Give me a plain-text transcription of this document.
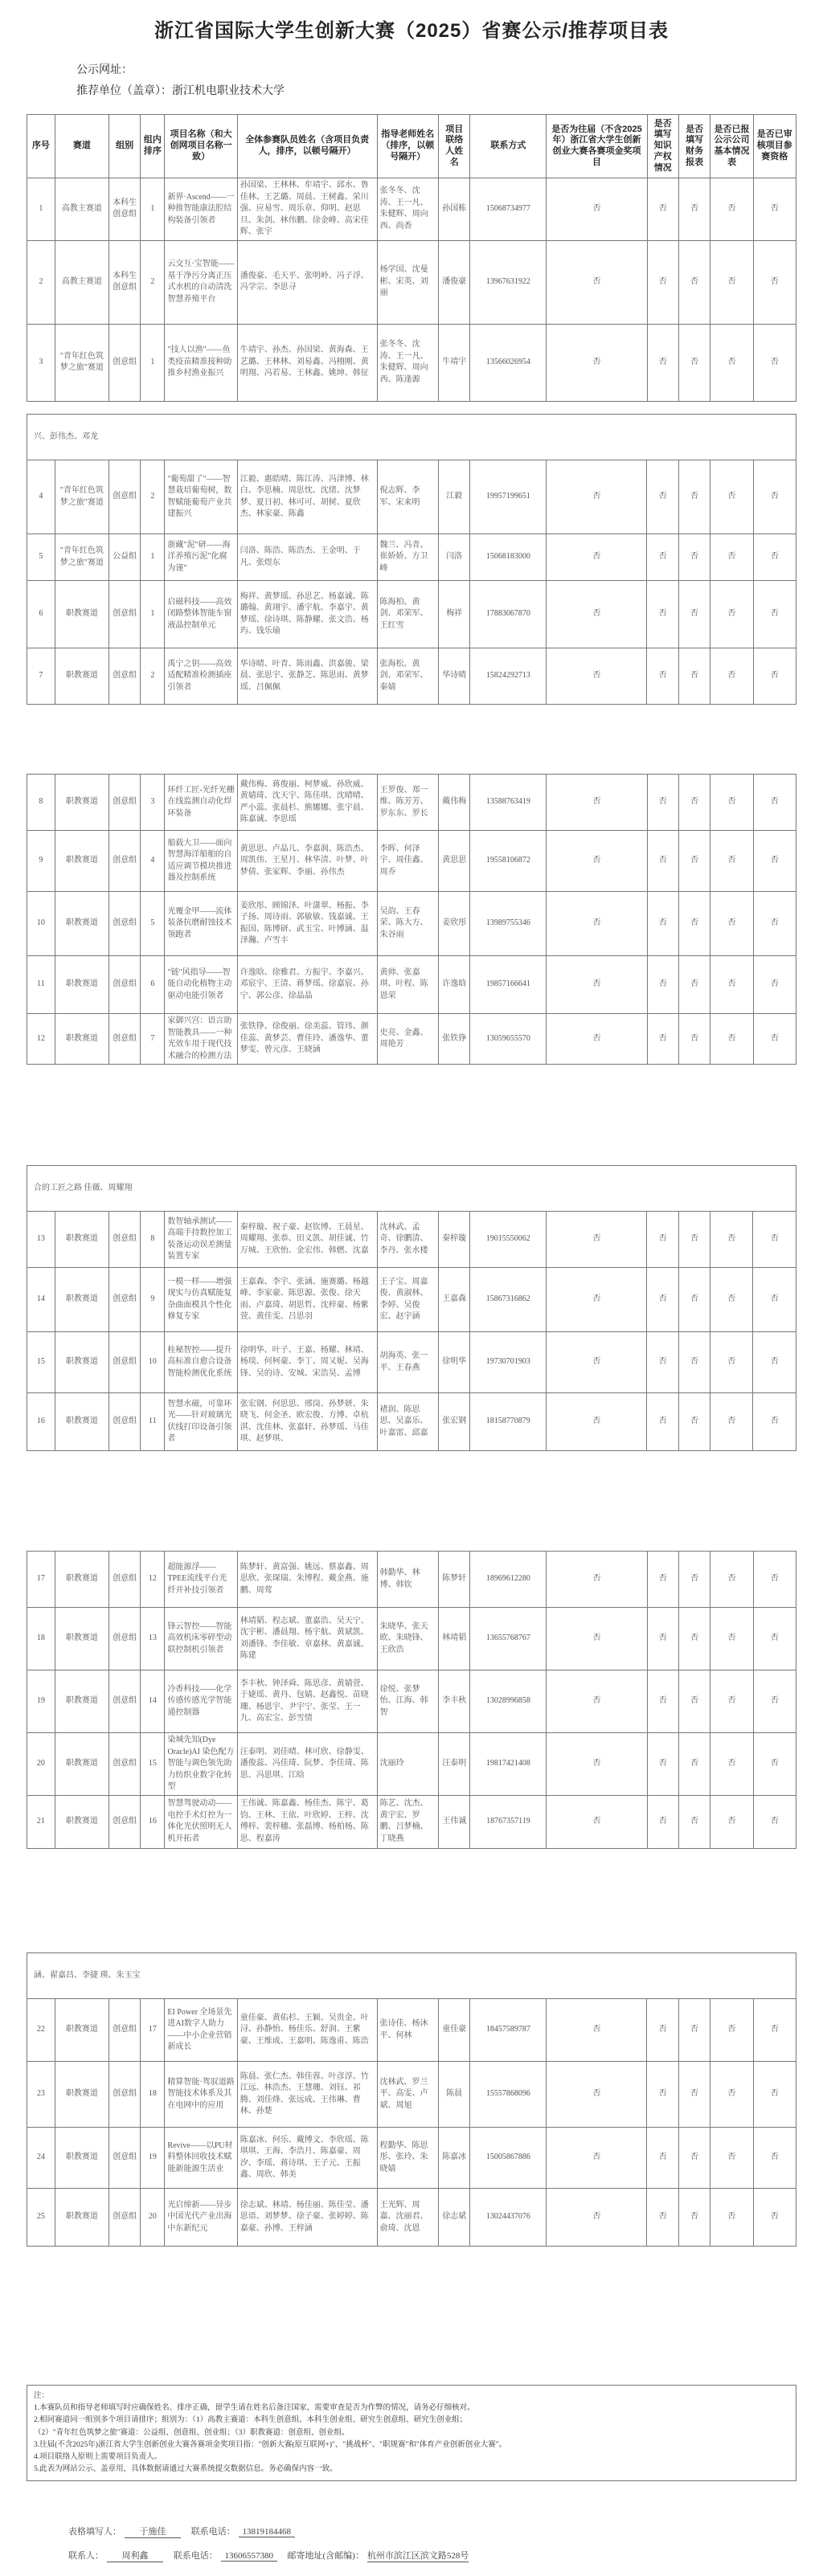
浙江省国际大学生创新大赛（2025）省赛公示/推荐项目表
公示网址：
推荐单位（盖章）：浙江机电职业技术大学
序号	赛道	组别	组内排序	项目名称（和大创网项目名称一致）	全体参赛队员姓名（含项目负责人，排序，以顿号隔开）	指导老师姓名（排序，以顿号隔开）	项目联络人姓名	联系方式	是否为往届（不含2025年）浙江省大学生创新创业大赛各赛项金奖项目	是否填写知识产权情况	是否填写财务报表	是否已报公示公司基本情况表	是否已审核项目参赛资格
1	高教主赛道	本科生创意组	1	新界·Ascend——一种推智能康法腔结构装备引领者	孙国梁、王林林、牟靖宇、邱水、鲁佳林、王艺璐、周晨、王树鑫、荣川强、应易雪、周乐章、仰明、赵思旦、朱剑、林伟鹏、徐金峰、高宋佳辉、张宇	张冬冬、沈涛、王一凡、朱健辉、周向西、尚香	孙国栋	15068734977	否	否	否	否	否
2	高教主赛道	本科生创意组	2	云交互·宝智能——基于净污分离正压式水机的自动清洗智慧养殖平台	潘俊豪、毛天平、张明岭、冯子浮、冯学宗、李思寻	杨学国、沈曼彬、宋英、刘丽	潘俊豪	13967631922	否	否	否	否	否
3	"青年红色筑梦之旅"赛道	创意组	1	"技人以渔"——鱼类疫苗精准接种助推乡村渔业振兴	牛靖宇、孙杰、孙国梁、黄海森、王艺璐、王林林、刘易鑫、冯栩刚、黄明翔、冯若易、王林鑫、姚坤、韩征	张冬冬、沈涛、王一凡、朱健辉、周向西、陈逢源	牛靖宇	13566026954	否	否	否	否	否
兴、彭伟杰、邓龙													
4	"青年红色筑梦之旅"赛道	创意组	2	"葡萄甜了"——智慧栽培葡萄树，数智赋能葡萄产业共建振兴	江毅、惠皓晴、陈江涛、冯津博、林白、李思楠、周思忱、沈绪、沈梦梦、夏日初、林可可、胡树、夏欣杰、林家豪、陈鑫	倪志辉、李军、宋来明	江毅	19957199651	否	否	否	否	否
5	"青年红色筑梦之旅"赛道	公益组	1	浙藏"泥"研——海洋养殖污泥"化腐为谨"	闫洛、陈浩、陈浩杰、王金明、于凡、张煜东	魏兰、冯青、崔娇娇、方卫峰	闫洛	15068183000	否	否	否	否	否
6	职教赛道	创意组	1	启磁科技——高效闭路整体智能车窗液晶控制单元	梅祥、黄梦瑶、孙思艺、杨嘉诚、陈璐翰、黄翊宇、潘宇航、李嘉宇、黄梦瑶、徐诗琪、陈静耀、张文浩、杨玙、钱乐瑜	陈海柏、黄剑、邓荣军、王红雪	梅祥	17883067870	否	否	否	否	否
7	职教赛道	创意组	2	禹宁之钥——高效适配精准检测插座引领者	华诗晴、叶青、陈雨鑫、洪嘉骏、梁晨、张思宇、张静芝、陈思雨、黄梦瑶、吕佩佩	张海松、黄剑、邓荣军、秦婧	华诗晴	15824292713	否	否	否	否	否
8	职教赛道	创意组	3	环纤工匠-光纤光栅在线监测自动化焊环装备	戴伟梅、蒋俊丽、柯梦威、孙欣威、黄婧琦、沈天宇、陈佳琪、沈晴晴、严小蕊、张晨杉、熊娜娜、张宇晨、陈嘉诚、李思瑶	王罗俊、郑一维、陈芳芳、罗东东、罗长	戴伟梅	13588763419	否	否	否	否	否
9	职教赛道	创意组	4	船载大卫——面向智慧海洋船舶的自适应调节模块推进器及控制系统	黄思思、卢晶儿、李嘉润、陈浩杰、周凯伟、王星月、林华清、叶梦、叶梦倩、张家辉、李丽、孙伟杰	李晖、何泽宇、周佳鑫、周乔	黄思思	19558106872	否	否	否	否	否
10	职教赛道	创意组	5	光覆金甲——流体装备抗磨耐蚀技术领跑者	姜欣彤、顾锦泽、叶潇翠、杨振、李子扬、周诗雨、郭敏敏、钱嘉诚、王振国、陈博研、武玉宝、叶博涵、温泽瀚、卢雪丰	吴韵、王春荣、陈大方、朱谷雨	姜欣彤	13989755346	否	否	否	否	否
11	职教赛道	创意组	6	"链"风指导——智能自动化植物主动驱动电能引领者	许逸晗、徐雅君、方振宇、李嘉兴、邓宸宇、王清、蒋梦瑶、徐嘉宸、孙宁、郭公彦、徐晶晶	黄帅、张嘉琪、叶程、陈恩荣	许逸晗	19857166641	否	否	否	否	否
12	职教赛道	创意组	7	家御兴宫：语言助智能教具——一种光效车用于现代技术融合的检测方法	张铁铮、徐俊丽、徐美蕊、管玮、颜佳蕊、黄梦芸、曹佳玲、潘逸华、董梦雯、曾元彦、王晓涵	史亮、金鑫、周艳芳	张铁铮	13059655570	否	否	否	否	否
合的工匠之路 佳薇、周耀翔													
13	职教赛道	创意组	8	数智轴承测试——高端手持数控加工装备运动误差测量装置专家	秦梓璇、祝子豪、赵钦博、王晨星、周耀翔、张恭、田义凯、胡佳诚、竹万城、王欣怡、金宏伟、韩燃、沈嘉	沈林武、孟奇、徐鹏清、李丹、张水楼	秦梓璇	19015550062	否	否	否	否	否
14	职教赛道	创意组	9	一模一样——增强现实与仿真赋能复杂曲面模具个性化修复专家	王嘉森、李宇、张涵、施赛璐、杨越峰、李家豪、陈思源、张俊、徐天雨、卢嘉琦、胡思哲、沈梓豪、杨紫萱、黄佳雯、吕思羽	王子宝、周嘉俊、黄淑林、李婷、吴俊宏、赵宇涵	王嘉森	15867316862	否	否	否	否	否
15	职教赛道	创意组	10	桂秘智控——提升高标准自愈合设备智能检测优化系统	徐明华、叶子、王嘉、杨耀、林靖、杨琰、何柯豪、李丁、周又妮、吴海锋、吴的诗、安城、宋浩昊、孟博	胡海英、张一平、王春燕	徐明华	19730701903	否	否	否	否	否
16	职教赛道	创意组	11	智慧水磁，可靠环光——针对玻璃光伏线打印设备引领者	张宏钢、何思思、邢岗、孙梦妍、朱晓飞、何金圣、欧宏俊、方博、卓杭淇、沈佳林、张嘉轩、孙梦瑶、马佳琪、赵梦琪、	褚润、陈思思、吴嘉乐、叶嘉雷、邱嘉	张宏钢	18158770879	否	否	否	否	否
17	职教赛道	创意组	12	超能源浮——TPEE流线平台光纤并补技引领者	陈梦轩、黄富强、姚远、蔡嘉鑫、周思欣、张琛瑞、朱博程、戴金燕、施鹏、周莺	韩勤华、林博、韩钦	陈梦轩	18969612280	否	否	否	否	否
18	职教赛道	创意组	13	锋云智控——智能高效机床零碎型动联控制机引领者	林靖韬、程志斌、董嘉浩、吴天宁、沈宇彬、潘晨翔、杨宇航、黄斌凯、刘潘锋、李佳敏、章嘉林、黄嘉诚、陈建	朱晓华、张天欧、朱晓锋、王欣浩	林靖韬	13655768767	否	否	否	否	否
19	职教赛道	创意组	14	冷香科技——化学传感传感光学智能通控制器	李丰秋、钟泽舜、陈思彦、黄婧萱、于婕瑶、黄丹、包婧、赵鑫悦、苗晓珊、杨恩宇、尹宇宁、张莹、王一九、高宏宝、彭雪情	徐悦、张梦怡、江海、韩智	李丰秋	13028996858	否	否	否	否	否
20	职教赛道	创意组	15	染城先知(Dye Oracle)AI 染色配方智能与调色领先助力纺织业数字化转型	汪泰明、刘佳晴、林可欣、徐静雯、潘俊蕊、冯佳琦、阮梦、李佳琦、陈思、冯思琪、江晗	沈丽玲	汪泰明	19817421408	否	否	否	否	否
21	职教赛道	创意组	16	智慧驾驶动动——电控手术灯控为一体化光伏照明无人机开拓者	王伟诚、陈嘉鑫、杨佳杰、陈宇、葛钧、王林、王依、叶欣婷、王梓、沈傅梓、裴梓穗、张磊博、杨柏杨、陈思、程嘉涛	陈艺、沈杰、黄宇宏、罗鹏、吕梦楠、丁晓燕	王伟诚	18767357119	否	否	否	否	否
涵、翟嘉昌、李捷 瑛、朱玉宝													
22	职教赛道	创意组	17	EI Power 全场景先进AI数字人助力——中小企业营销新成长	童佳豪、黄佑杉、王颖、吴贵金、叶浔、孙静怡、杨佳乐、舒润、王紫豪、王维成、王嘉明、陈逸甫、陈浩	张诗佳、杨沐平、何林	童佳豪	18457589787	否	否	否	否	否
23	职教赛道	创意组	18	精算智能·驾驭道路智能技术体系及其在电网中的应用	陈晨、张仁杰、韩佳蓉、叶彦淳、竹江远、林浩杰、王慧珊、刘钰、祁腾、刘佳烽、张远成、王伟琳、曹林、孙楚	沈林武、罗兰平、高雯、卢斌、周旭	陈晨	15557868096	否	否	否	否	否
24	职教赛道	创意组	19	Revive——以PU材料整体回收技术赋能新能源生活业	陈嘉冰、何乐、戴博文、李欣瑶、陈琪琪、王海、李浩月、陈嘉豪、周汐、李瑶、蒋诗琪、王子元、王振鑫、周欣、韩美	程勤华、陈思彤、张玲、朱晓婧	陈嘉冰	15005867886	否	否	否	否	否
25	职教赛道	创意组	20	光启缔新——异步中国光代产业出海中东新纪元	徐志斌、林靖、杨佳丽、陈佳莹、潘思语、刘梦梦、徐子豪、张婷婷、陈嘉豪、孙博、王梓涵	王光辉、周嘉、沈丽君、俞琦、沈恩	徐志斌	13024437076	否	否	否	否	否
注：
1.本赛队员和指导老师填写时应确保姓名、排序正确，留学生请在姓名后备注国家，需要审查是否为作弊的情况，请务必仔细核对。
2.相同赛道同一组别多个项目请排序；组别为：（1）高教主赛道：本科生创意组、本科生创业组、研究生创意组、研究生创业组；
（2）"青年红色筑梦之旅"赛道：公益组、创意组、创业组；（3）职教赛道：创意组、创业组。
3.往届(不含2025年)浙江省大学生创新创业大赛各赛项金奖项目指："创新大赛(原互联网+)"、"挑战杯"、"职规赛"和"体育产业创新创业大赛"。
4.项目联络人原则上需要项目负责人。
5.此表为网站公示、盖章用，具体数据请通过大赛系统提交数据信息。务必确保内容一致。
表格填写人： 于施佳	联系电话： 13819184468
联系人： 周利鑫	联系电话： 13606557380 邮寄地址(含邮编)： 杭州市滨江区滨文路528号
